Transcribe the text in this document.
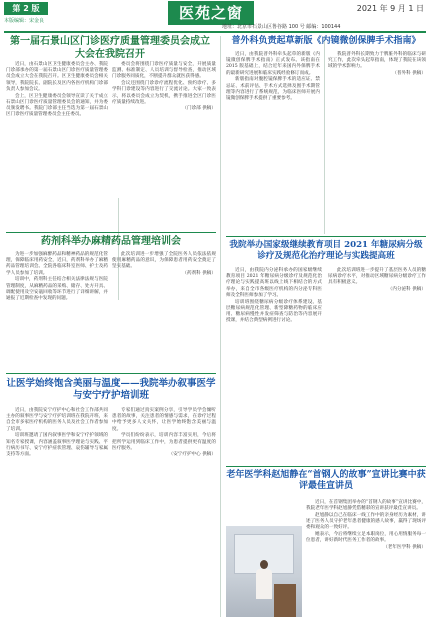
第 2 版
本版编辑：宋金良	医苑之窗	2021 年 9 月 1 日
地址：北京市石景山区鲁谷路 100 号 邮编：100144
第一届石景山区门诊医疗质量管理委员会成立大会在我院召开

近日，由石景山区卫生健康委员会主办、我院门诊部承办的第一届石景山区门诊医疗质量管理委员会成立大会在我院召开。区卫生健康委员会相关领导，我院院长、副院长及区内各医疗机构门诊部负责人参加会议。

会上，区卫生健康委员会领导宣读了关于成立石景山区门诊医疗质量管理委员会的通知，并为委员颁发聘书。我院门诊部主任当选为第一届石景山区门诊医疗质量管理委员会主任委员。

委员会将围绕门诊医疗质量与安全，开展质量监测、标准制定、人员培训与督导检查，推动区域门诊服务同质化，不断提升群众就医获得感。

会议还围绕门诊诊疗流程优化、预约诊疗、多学科门诊建设等内容进行了交流讨论。大家一致表示，将以委员会成立为契机，携手推进全区门诊医疗质量持续改进。

（门诊部 供稿）
药剂科举办麻精药品管理培训会

为进一步加强麻醉药品和精神药品的规范化管理，保障临床用药安全，近日，药剂科举办了麻精药品管理培训会。全院各临床科室医师、护士及药学人员参加了培训。

培训中，药剂科主任结合相关法律法规与医院管理制度，从麻精药品的采购、储存、处方开具、调配使用及空安瓿回收等环节进行了详细讲解，并通报了近期检查中发现的问题。

此次培训进一步增强了全院医务人员依法依规使用麻精药品的意识，为保障患者用药安全奠定了坚实基础。

（药剂科 供稿）
让医学始终饱含美丽与温度——我院举办叙事医学与安宁疗护培训班

近日，由我院安宁疗护中心和社会工作部共同主办的叙事医学与安宁疗护培训班在我院开班，来自全市多家医疗机构的医务人员及社会工作者参加了培训。

培训班邀请了国内叙事医学和安宁疗护领域的知名专家授课，内容涵盖叙事医学理论与实践、平行病历书写、安宁疗护症状管理、哀伤辅导与家属支持等方面。

专家们通过真实案例分享，引导学员学会倾听患者的故事，关注患者的情感与需求，在诊疗过程中给予更多人文关怀，让医学始终饱含美丽与温度。

学员们纷纷表示，培训内容丰富实用，今后将把所学运用到临床工作中，为患者提供更有温度的医疗服务。

（安宁疗护中心 供稿）
普外科负责起草新版《内镜微创保脾手术指南》

近日，由我院普外科牵头起草的新版《内镜微创保脾手术指南》正式发布。该指南在 2015 版基础上，结合近年来国内外保脾手术的最新研究进展和临床实践经验修订而成。

新版指南对腹腔镜保脾手术的适应证、禁忌证、术前评估、手术方式选择及围手术期管理等内容进行了系统规范，为临床医师开展内镜微创保脾手术提供了重要参考。

我院普外科长期致力于脾脏外科的临床与研究工作，此次牵头起草指南，体现了我院在该领域的学术影响力。

（普外科 供稿）
我院举办国家级继续教育项目 2021 年糖尿病分级诊疗及规范化治疗理论与实践提高班

近日，由我院内分泌科承办的国家级继续教育项目 2021 年糖尿病分级诊疗及规范化治疗理论与实践提高班以线上线下相结合的方式举办，来自全市各级医疗机构的内分泌专科医师及全科医师参加了学习。

培训班围绕糖尿病分级诊疗体系建设、基层糖尿病规范化管理、新型降糖药物的临床应用、糖尿病慢性并发症筛查与防治等内容展开授课，并结合典型病例进行讨论。

此次培训班进一步提升了基层医务人员的糖尿病诊疗水平，对推动区域糖尿病分级诊疗工作具有积极意义。

（内分泌科 供稿）
老年医学科赵旭静在“首钢人的故事”宣讲比赛中获评最佳宣讲员

近日，在首钢集团举办的“首钢人的故事”宣讲比赛中，我院老年医学科赵旭静凭借精彩的宣讲获评最佳宣讲员。

赵旭静以自己在临床一线工作中的亲身经历为素材，讲述了医务人员守护老年患者健康的感人故事，赢得了现场评委和观众的一致好评。

她表示，今后将继续立足本职岗位，用心用情服务每一位患者，讲好新时代医务工作者的故事。

（老年医学科 供稿）
